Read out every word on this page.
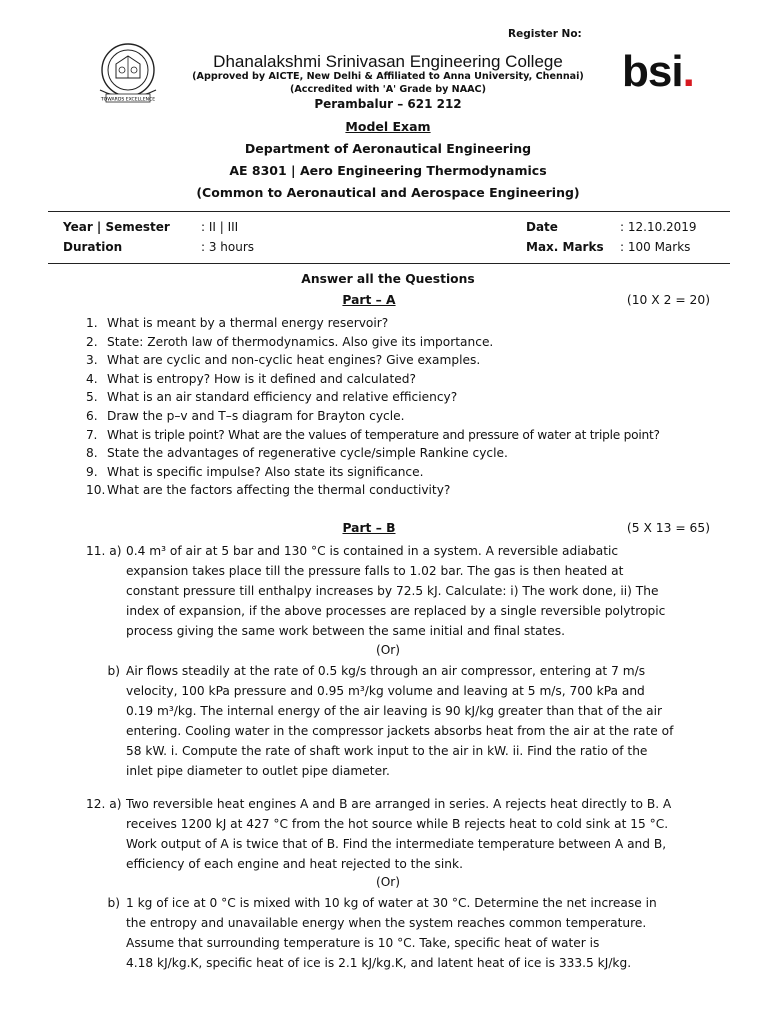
Register No:
TOWARDS EXCELLENCE
Dhanalakshmi Srinivasan Engineering College
(Approved by AICTE, New Delhi & Affiliated to Anna University, Chennai)
(Accredited with 'A' Grade by NAAC)
Perambalur – 621 212
bsi.
Model Exam
Department of Aeronautical Engineering
AE 8301 | Aero Engineering Thermodynamics
(Common to Aeronautical and Aerospace Engineering)
Year | Semester	: II | III	Date	: 12.10.2019
Duration	: 3 hours	Max. Marks : 100 Marks
Answer all the Questions
Part – A	(10 X 2 = 20)
1. What is meant by a thermal energy reservoir?
2. State: Zeroth law of thermodynamics. Also give its importance.
3. What are cyclic and non-cyclic heat engines? Give examples.
4. What is entropy? How is it defined and calculated?
5. What is an air standard efficiency and relative efficiency?
6. Draw the p–v and T–s diagram for Brayton cycle.
7. What is triple point? What are the values of temperature and pressure of water at triple point?
8. State the advantages of regenerative cycle/simple Rankine cycle.
9. What is specific impulse? Also state its significance.
10. What are the factors affecting the thermal conductivity?
Part – B	(5 X 13 = 65)
11. a) 0.4 m³ of air at 5 bar and 130 °C is contained in a system. A reversible adiabatic
expansion takes place till the pressure falls to 1.02 bar. The gas is then heated at
constant pressure till enthalpy increases by 72.5 kJ. Calculate: i) The work done, ii) The
index of expansion, if the above processes are replaced by a single reversible polytropic
process giving the same work between the same initial and final states.
(Or)
b) Air flows steadily at the rate of 0.5 kg/s through an air compressor, entering at 7 m/s
velocity, 100 kPa pressure and 0.95 m³/kg volume and leaving at 5 m/s, 700 kPa and
0.19 m³/kg. The internal energy of the air leaving is 90 kJ/kg greater than that of the air
entering. Cooling water in the compressor jackets absorbs heat from the air at the rate of
58 kW. i. Compute the rate of shaft work input to the air in kW. ii. Find the ratio of the
inlet pipe diameter to outlet pipe diameter.
12. a) Two reversible heat engines A and B are arranged in series. A rejects heat directly to B. A
receives 1200 kJ at 427 °C from the hot source while B rejects heat to cold sink at 15 °C.
Work output of A is twice that of B. Find the intermediate temperature between A and B,
efficiency of each engine and heat rejected to the sink.
(Or)
b) 1 kg of ice at 0 °C is mixed with 10 kg of water at 30 °C. Determine the net increase in
the entropy and unavailable energy when the system reaches common temperature.
Assume that surrounding temperature is 10 °C. Take, specific heat of water is
4.18 kJ/kg.K, specific heat of ice is 2.1 kJ/kg.K, and latent heat of ice is 333.5 kJ/kg.
